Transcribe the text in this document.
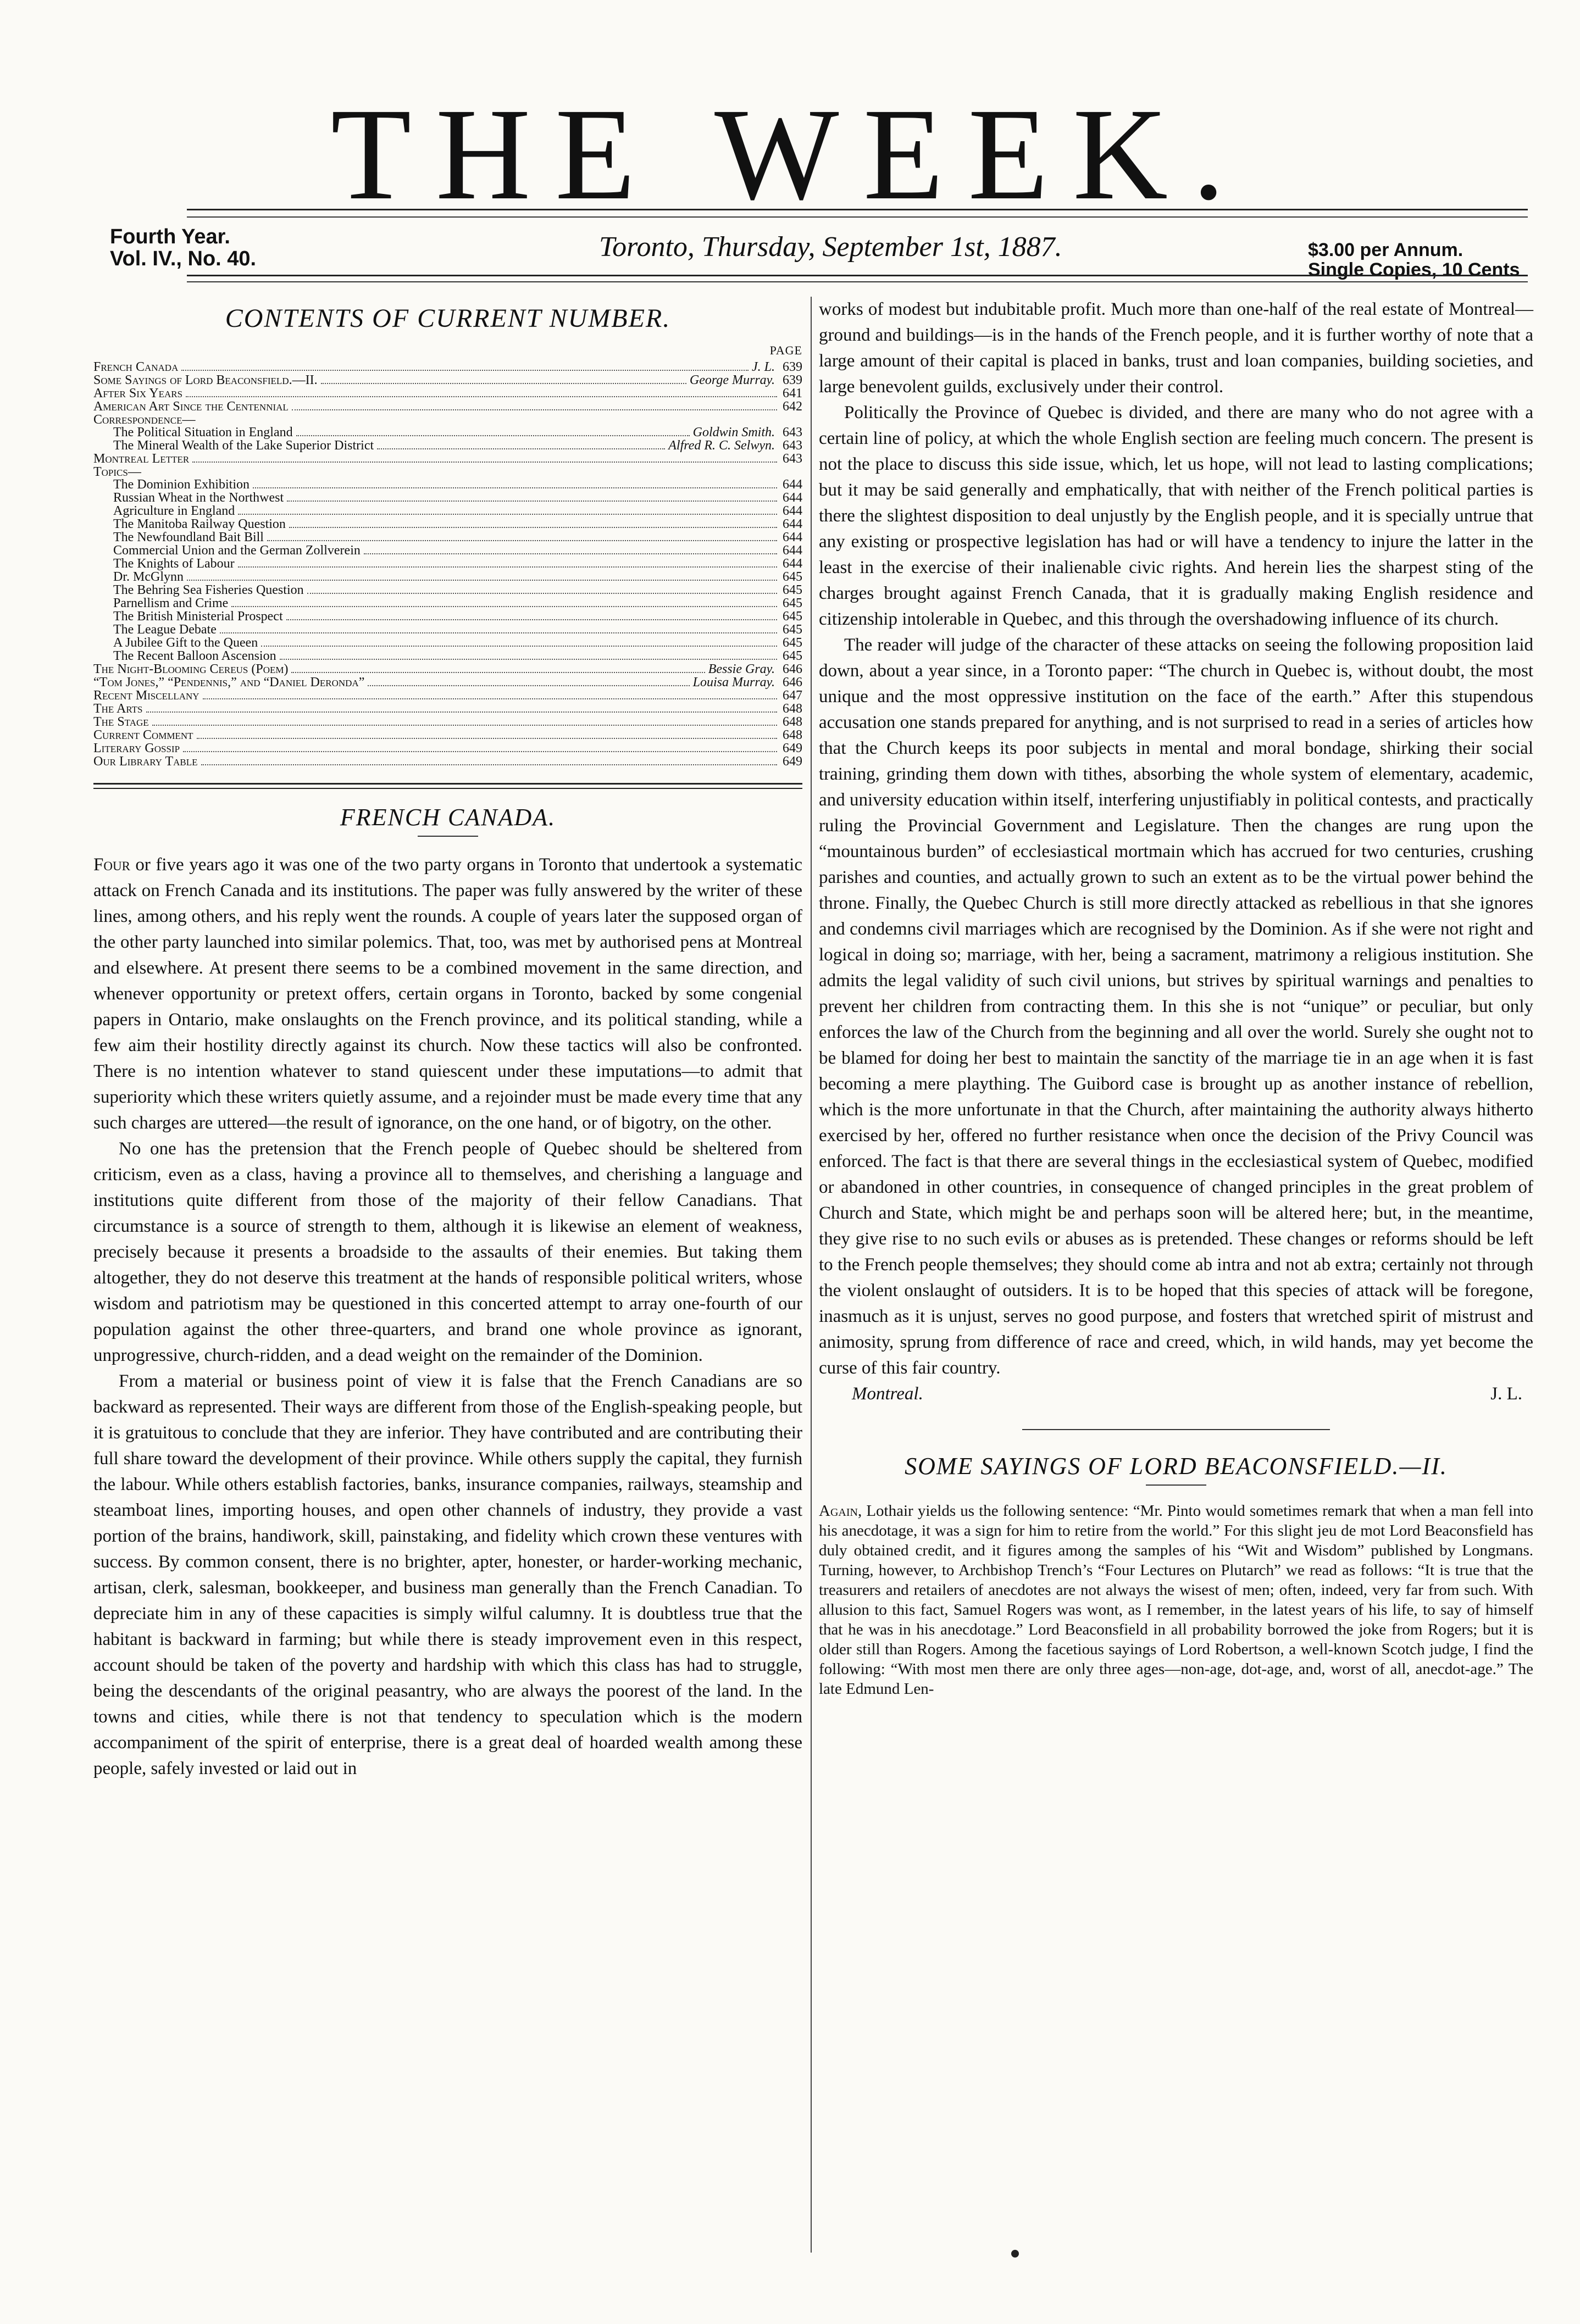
THE WEEK.
Fourth Year.
Vol. IV., No. 40.	Toronto, Thursday, September 1st, 1887.	$3.00 per Annum.
Single Copies, 10 Cents
CONTENTS OF CURRENT NUMBER.
PAGE
French Canada	J. L. 639
Some Sayings of Lord Beaconsfield.—II.	George Murray. 639
After Six Years	641
American Art Since the Centennial	642
Correspondence—
The Political Situation in England	Goldwin Smith. 643
The Mineral Wealth of the Lake Superior District	Alfred R. C. Selwyn. 643
Montreal Letter	643
Topics—
The Dominion Exhibition	644
Russian Wheat in the Northwest	644
Agriculture in England	644
The Manitoba Railway Question	644
The Newfoundland Bait Bill	644
Commercial Union and the German Zollverein	644
The Knights of Labour	644
Dr. McGlynn	645
The Behring Sea Fisheries Question	645
Parnellism and Crime	645
The British Ministerial Prospect	645
The League Debate	645
A Jubilee Gift to the Queen	645
The Recent Balloon Ascension	645
The Night-Blooming Cereus (Poem)	Bessie Gray. 646
“Tom Jones,” “Pendennis,” and “Daniel Deronda”	Louisa Murray. 646
Recent Miscellany	647
The Arts	648
The Stage	648
Current Comment	648
Literary Gossip	649
Our Library Table	649
FRENCH CANADA.

Four or five years ago it was one of the two party organs in Toronto that undertook a systematic attack on French Canada and its institutions. The paper was fully answered by the writer of these lines, among others, and his reply went the rounds. A couple of years later the supposed organ of the other party launched into similar polemics. That, too, was met by authorised pens at Montreal and elsewhere. At present there seems to be a combined movement in the same direction, and whenever opportunity or pretext offers, certain organs in Toronto, backed by some congenial papers in Ontario, make onslaughts on the French province, and its political standing, while a few aim their hostility directly against its church. Now these tactics will also be confronted. There is no intention whatever to stand quiescent under these imputations—to admit that superiority which these writers quietly assume, and a rejoinder must be made every time that any such charges are uttered—the result of ignorance, on the one hand, or of bigotry, on the other.

No one has the pretension that the French people of Quebec should be sheltered from criticism, even as a class, having a province all to themselves, and cherishing a language and institutions quite different from those of the majority of their fellow Canadians. That circumstance is a source of strength to them, although it is likewise an element of weakness, precisely because it presents a broadside to the assaults of their enemies. But taking them altogether, they do not deserve this treatment at the hands of responsible political writers, whose wisdom and patriotism may be questioned in this concerted attempt to array one-fourth of our population against the other three-quarters, and brand one whole province as ignorant, unprogressive, church-ridden, and a dead weight on the remainder of the Dominion.

From a material or business point of view it is false that the French Canadians are so backward as represented. Their ways are different from those of the English-speaking people, but it is gratuitous to conclude that they are inferior. They have contributed and are contributing their full share toward the development of their province. While others supply the capital, they furnish the labour. While others establish factories, banks, insurance companies, railways, steamship and steamboat lines, importing houses, and open other channels of industry, they provide a vast portion of the brains, handiwork, skill, painstaking, and fidelity which crown these ventures with success. By common consent, there is no brighter, apter, honester, or harder-working mechanic, artisan, clerk, salesman, bookkeeper, and business man generally than the French Canadian. To depreciate him in any of these capacities is simply wilful calumny. It is doubtless true that the habitant is backward in farming; but while there is steady improvement even in this respect, account should be taken of the poverty and hardship with which this class has had to struggle, being the descendants of the original peasantry, who are always the poorest of the land. In the towns and cities, while there is not that tendency to speculation which is the modern accompaniment of the spirit of enterprise, there is a great deal of hoarded wealth among these people, safely invested or laid out in

works of modest but indubitable profit. Much more than one-half of the real estate of Montreal—ground and buildings—is in the hands of the French people, and it is further worthy of note that a large amount of their capital is placed in banks, trust and loan companies, building societies, and large benevolent guilds, exclusively under their control.

Politically the Province of Quebec is divided, and there are many who do not agree with a certain line of policy, at which the whole English section are feeling much concern. The present is not the place to discuss this side issue, which, let us hope, will not lead to lasting complications; but it may be said generally and emphatically, that with neither of the French political parties is there the slightest disposition to deal unjustly by the English people, and it is specially untrue that any existing or prospective legislation has had or will have a tendency to injure the latter in the least in the exercise of their inalienable civic rights. And herein lies the sharpest sting of the charges brought against French Canada, that it is gradually making English residence and citizenship intolerable in Quebec, and this through the overshadowing influence of its church.

The reader will judge of the character of these attacks on seeing the following proposition laid down, about a year since, in a Toronto paper: “The church in Quebec is, without doubt, the most unique and the most oppressive institution on the face of the earth.” After this stupendous accusation one stands prepared for anything, and is not surprised to read in a series of articles how that the Church keeps its poor subjects in mental and moral bondage, shirking their social training, grinding them down with tithes, absorbing the whole system of elementary, academic, and university education within itself, interfering unjustifiably in political contests, and practically ruling the Provincial Government and Legislature. Then the changes are rung upon the “mountainous burden” of ecclesiastical mortmain which has accrued for two centuries, crushing parishes and counties, and actually grown to such an extent as to be the virtual power behind the throne. Finally, the Quebec Church is still more directly attacked as rebellious in that she ignores and condemns civil marriages which are recognised by the Dominion. As if she were not right and logical in doing so; marriage, with her, being a sacrament, matrimony a religious institution. She admits the legal validity of such civil unions, but strives by spiritual warnings and penalties to prevent her children from contracting them. In this she is not “unique” or peculiar, but only enforces the law of the Church from the beginning and all over the world. Surely she ought not to be blamed for doing her best to maintain the sanctity of the marriage tie in an age when it is fast becoming a mere plaything. The Guibord case is brought up as another instance of rebellion, which is the more unfortunate in that the Church, after maintaining the authority always hitherto exercised by her, offered no further resistance when once the decision of the Privy Council was enforced. The fact is that there are several things in the ecclesiastical system of Quebec, modified or abandoned in other countries, in consequence of changed principles in the great problem of Church and State, which might be and perhaps soon will be altered here; but, in the meantime, they give rise to no such evils or abuses as is pretended. These changes or reforms should be left to the French people themselves; they should come ab intra and not ab extra; certainly not through the violent onslaught of outsiders. It is to be hoped that this species of attack will be foregone, inasmuch as it is unjust, serves no good purpose, and fosters that wretched spirit of mistrust and animosity, sprung from difference of race and creed, which, in wild hands, may yet become the curse of this fair country.

Montreal.	J. L.
SOME SAYINGS OF LORD BEACONSFIELD.—II.

Again, Lothair yields us the following sentence: “Mr. Pinto would sometimes remark that when a man fell into his anecdotage, it was a sign for him to retire from the world.” For this slight jeu de mot Lord Beaconsfield has duly obtained credit, and it figures among the samples of his “Wit and Wisdom” published by Longmans. Turning, however, to Archbishop Trench’s “Four Lectures on Plutarch” we read as follows: “It is true that the treasurers and retailers of anecdotes are not always the wisest of men; often, indeed, very far from such. With allusion to this fact, Samuel Rogers was wont, as I remember, in the latest years of his life, to say of himself that he was in his anecdotage.” Lord Beaconsfield in all probability borrowed the joke from Rogers; but it is older still than Rogers. Among the facetious sayings of Lord Robertson, a well-known Scotch judge, I find the following: “With most men there are only three ages—non-age, dot-age, and, worst of all, anecdot-age.” The late Edmund Len-
